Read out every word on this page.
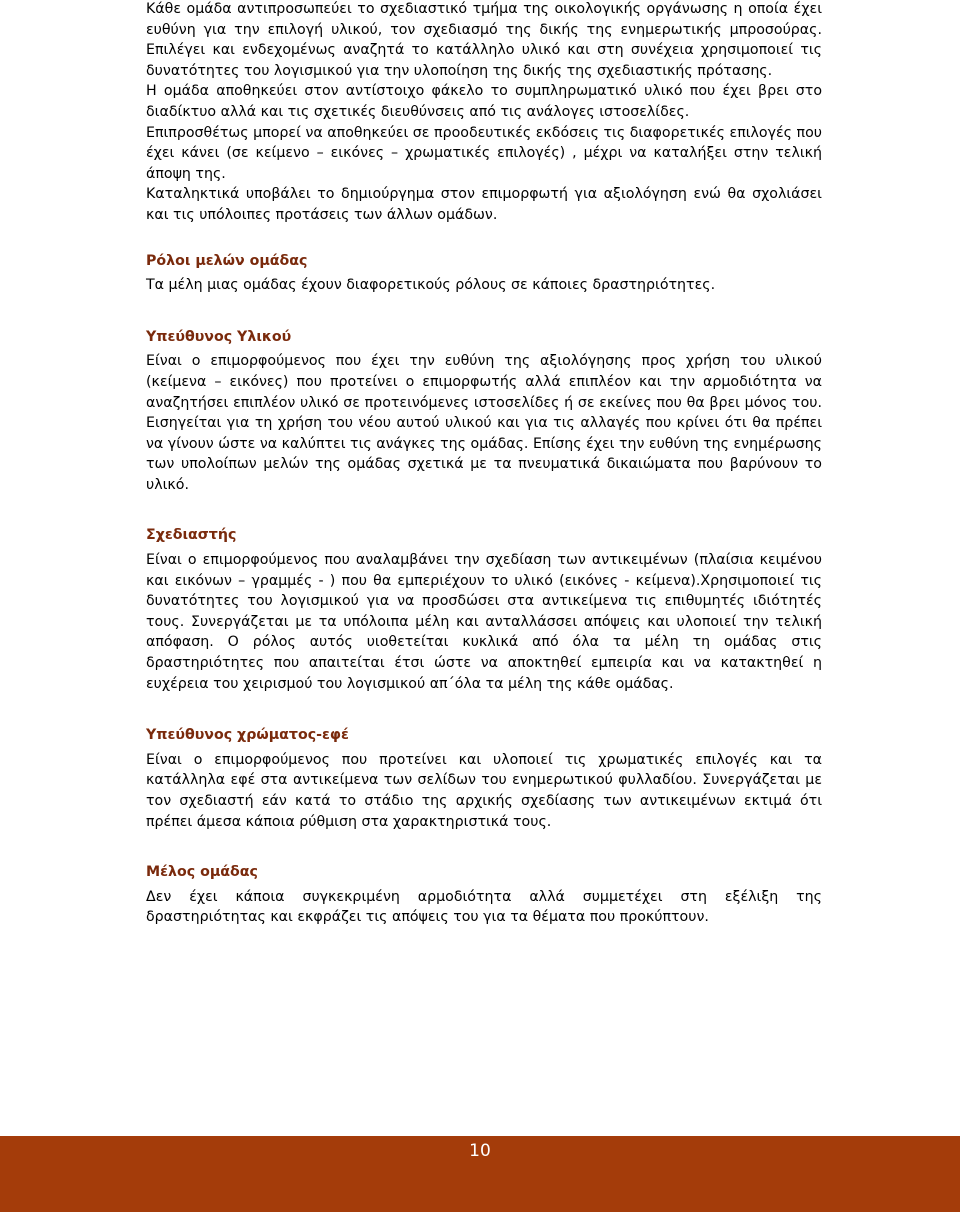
Κάθε ομάδα αντιπροσωπεύει το σχεδιαστικό τμήμα της οικολογικής οργάνωσης η οποία έχει ευθύνη για την επιλογή υλικού, τον σχεδιασμό της δικής της ενημερωτικής μπροσούρας. Επιλέγει και ενδεχομένως αναζητά το κατάλληλο υλικό και στη συνέχεια χρησιμοποιεί τις δυνατότητες του λογισμικού για την υλοποίηση της δικής της σχεδιαστικής πρότασης.

Η ομάδα αποθηκεύει στον αντίστοιχο φάκελο το συμπληρωματικό υλικό που έχει βρει στο διαδίκτυο αλλά και τις σχετικές διευθύνσεις από τις ανάλογες ιστοσελίδες.

Επιπροσθέτως μπορεί να αποθηκεύει σε προοδευτικές εκδόσεις τις διαφορετικές επιλογές που έχει κάνει (σε κείμενο – εικόνες – χρωματικές επιλογές) , μέχρι να καταλήξει στην τελική άποψη της.

Καταληκτικά υποβάλει το δημιούργημα στον επιμορφωτή για αξιολόγηση ενώ θα σχολιάσει και τις υπόλοιπες προτάσεις των άλλων ομάδων.

Ρόλοι μελών ομάδας

Τα μέλη μιας ομάδας έχουν διαφορετικούς ρόλους σε κάποιες δραστηριότητες.

Υπεύθυνος Υλικού

Είναι ο επιμορφούμενος που έχει την ευθύνη της αξιολόγησης προς χρήση του υλικού (κείμενα – εικόνες) που προτείνει ο επιμορφωτής αλλά επιπλέον και την αρμοδιότητα να αναζητήσει επιπλέον υλικό σε προτεινόμενες ιστοσελίδες ή σε εκείνες που θα βρει μόνος του. Εισηγείται για τη χρήση του νέου αυτού υλικού και για τις αλλαγές που κρίνει ότι θα πρέπει να γίνουν ώστε να καλύπτει τις ανάγκες της ομάδας. Επίσης έχει την ευθύνη της ενημέρωσης των υπολοίπων μελών της ομάδας σχετικά με τα πνευματικά δικαιώματα που βαρύνουν το υλικό.

Σχεδιαστής

Είναι ο επιμορφούμενος που αναλαμβάνει την σχεδίαση των αντικειμένων (πλαίσια κειμένου και εικόνων – γραμμές - ) που θα εμπεριέχουν το υλικό (εικόνες - κείμενα).Χρησιμοποιεί τις δυνατότητες του λογισμικού για να προσδώσει στα αντικείμενα τις επιθυμητές ιδιότητές τους. Συνεργάζεται με τα υπόλοιπα μέλη και ανταλλάσσει απόψεις και υλοποιεί την τελική απόφαση. Ο ρόλος αυτός υιοθετείται κυκλικά από όλα τα μέλη τη ομάδας στις δραστηριότητες που απαιτείται έτσι ώστε να αποκτηθεί εμπειρία και να κατακτηθεί η ευχέρεια του χειρισμού του λογισμικού απ΄όλα τα μέλη της κάθε ομάδας.

Υπεύθυνος χρώματος-εφέ

Είναι ο επιμορφούμενος που προτείνει και υλοποιεί τις χρωματικές επιλογές και τα κατάλληλα εφέ στα αντικείμενα των σελίδων του ενημερωτικού φυλλαδίου. Συνεργάζεται με τον σχεδιαστή εάν κατά το στάδιο της αρχικής σχεδίασης των αντικειμένων εκτιμά ότι πρέπει άμεσα κάποια ρύθμιση στα χαρακτηριστικά τους.

Μέλος ομάδας

Δεν έχει κάποια συγκεκριμένη αρμοδιότητα αλλά συμμετέχει στη εξέλιξη της δραστηριότητας και εκφράζει τις απόψεις του για τα θέματα που προκύπτουν.

10
